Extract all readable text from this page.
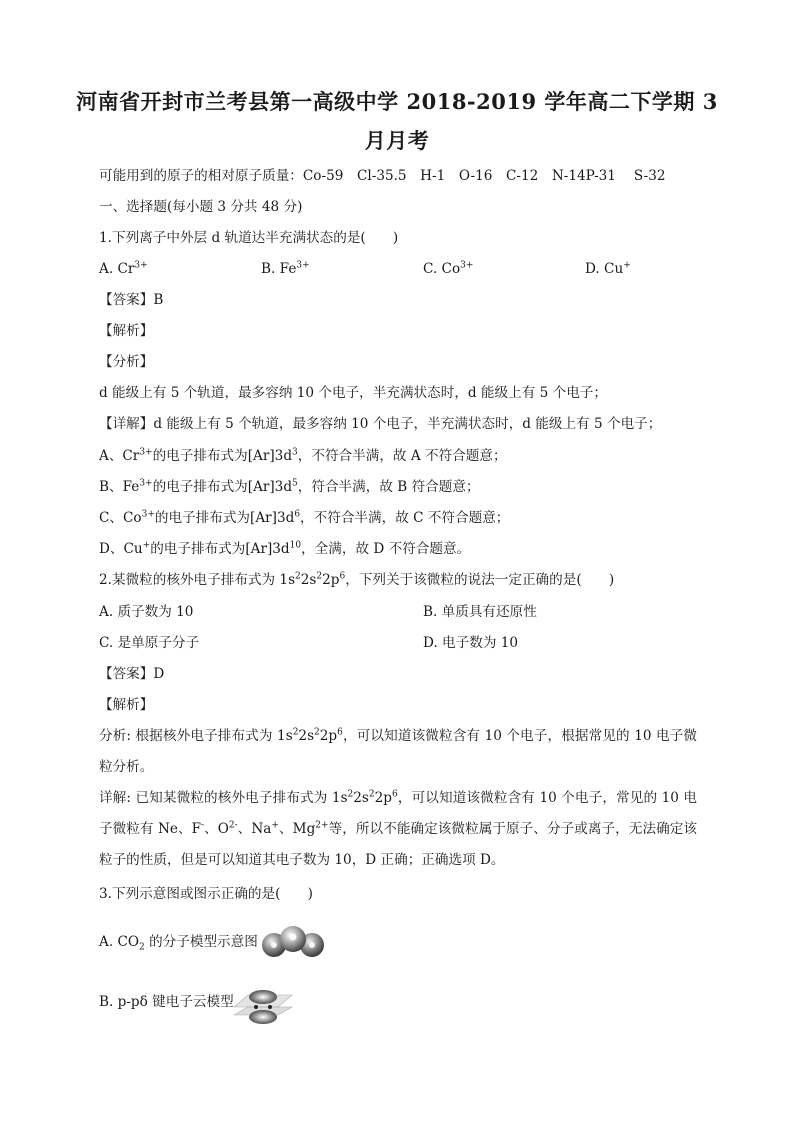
河南省开封市兰考县第一高级中学 2018-2019 学年高二下学期 3
月月考
可能用到的原子的相对原子质量：Co-59　Cl-35.5　H-1　O-16　C-12　N-14P-31　 S-32
一、选择题(每小题 3 分共 48 分)
1.下列离子中外层 d 轨道达半充满状态的是(　　)
A. $Cr^{3+}$	B. $Fe^{3+}$	C. $Co^{3+}$	D. Cu+
【答案】B
【解析】
【分析】
d 能级上有 5 个轨道，最多容纳 10 个电子，半充满状态时，d 能级上有 5 个电子；
【详解】d 能级上有 5 个轨道，最多容纳 10 个电子，半充满状态时，d 能级上有 5 个电子；
A、$Cr^{3+}$的电子排布式为$[Ar]3d^3$，不符合半满，故 A 不符合题意；
B、$Fe^{3+}$的电子排布式为$[Ar]3d^5$，符合半满，故 B 符合题意；
C、$Co^{3+}$的电子排布式为$[Ar]3d^6$，不符合半满，故 C 不符合题意；
D、Cu+的电子排布式为$[Ar]3d^{10}$，全满，故 D 不符合题意。
2.某微粒的核外电子排布式为 $1s^22s^22p^6$，下列关于该微粒的说法一定正确的是(　　)
A. 质子数为 10	B. 单质具有还原性
C. 是单原子分子	D. 电子数为 10
【答案】D
【解析】
分析: 根据核外电子排布式为 $1s^22s^22p^6$，可以知道该微粒含有 10 个电子，根据常见的 10 电子微粒分析。
详解: 已知某微粒的核外电子排布式为 $1s^22s^22p^6$，可以知道该微粒含有 10 个电子，常见的 10 电子微粒有 Ne、F-、$O^{2-}$、Na+、$Mg^{2+}$等，所以不能确定该微粒属于原子、分子或离子，无法确定该粒子的性质，但是可以知道其电子数为 10，D 正确；正确选项 D。
3.下列示意图或图示正确的是(　　)
A. $CO_2$ 的分子模型示意图
B. p-pδ 键电子云模型
